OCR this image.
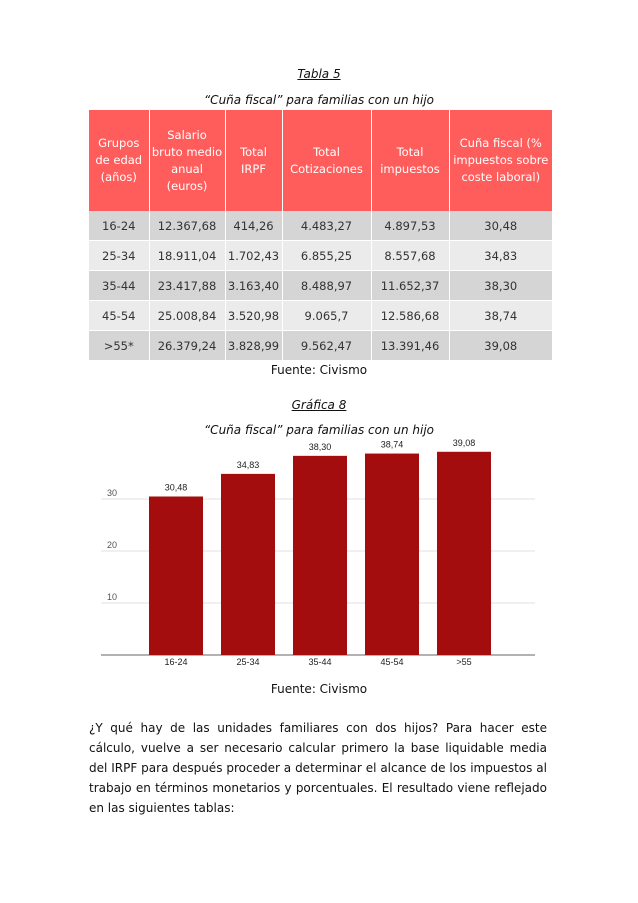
Tabla 5
“Cuña fiscal” para familias con un hijo
Grupos de edad (años)	Salario bruto medio anual (euros)	Total IRPF	Total Cotizaciones	Total impuestos	Cuña fiscal (% impuestos sobre coste laboral)
16-24	12.367,68	414,26	4.483,27	4.897,53	30,48
25-34	18.911,04	1.702,43	6.855,25	8.557,68	34,83
35-44	23.417,88	3.163,40	8.488,97	11.652,37	38,30
45-54	25.008,84	3.520,98	9.065,7	12.586,68	38,74
>55*	26.379,24	3.828,99	9.562,47	13.391,46	39,08
Fuente: Civismo
Gráfica 8
“Cuña fiscal” para familias con un hijo
10
20
30
30,48
16-24
34,83
25-34
38,30
35-44
38,74
45-54
39,08
>55
Fuente: Civismo

¿Y qué hay de las unidades familiares con dos hijos? Para hacer este cálculo, vuelve a ser necesario calcular primero la base liquidable media del IRPF para después proceder a determinar el alcance de los impuestos al trabajo en términos monetarios y porcentuales. El resultado viene reflejado en las siguientes tablas:
